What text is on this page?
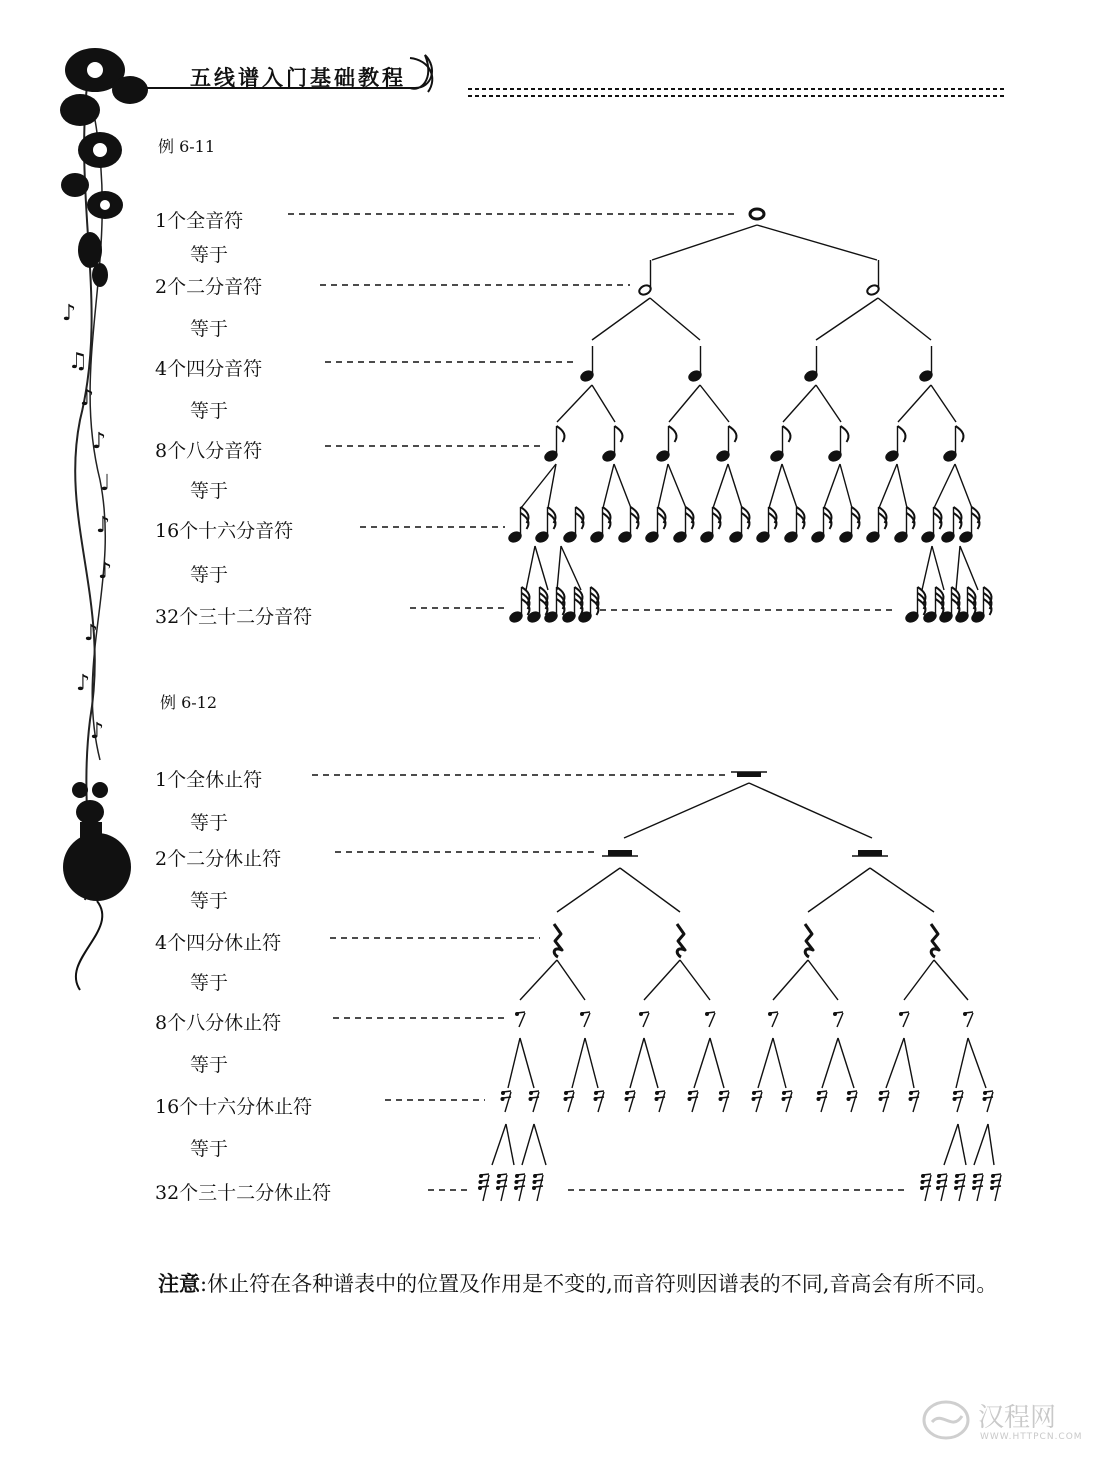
♪
♫
♪
♪
♩
♪
♪
♪
♪
♪
五线谱入门基础教程
例 6-11
1个全音符
等于
2个二分音符
等于
4个四分音符
等于
8个八分音符
等于
16个十六分音符
等于
32个三十二分音符
例 6-12
1个全休止符
等于
2个二分休止符
等于
4个四分休止符
等于
8个八分休止符
等于
16个十六分休止符
等于
32个三十二分休止符
注意:休止符在各种谱表中的位置及作用是不变的,而音符则因谱表的不同,音高会有所不同。
汉程网
WWW.HTTPCN.COM
